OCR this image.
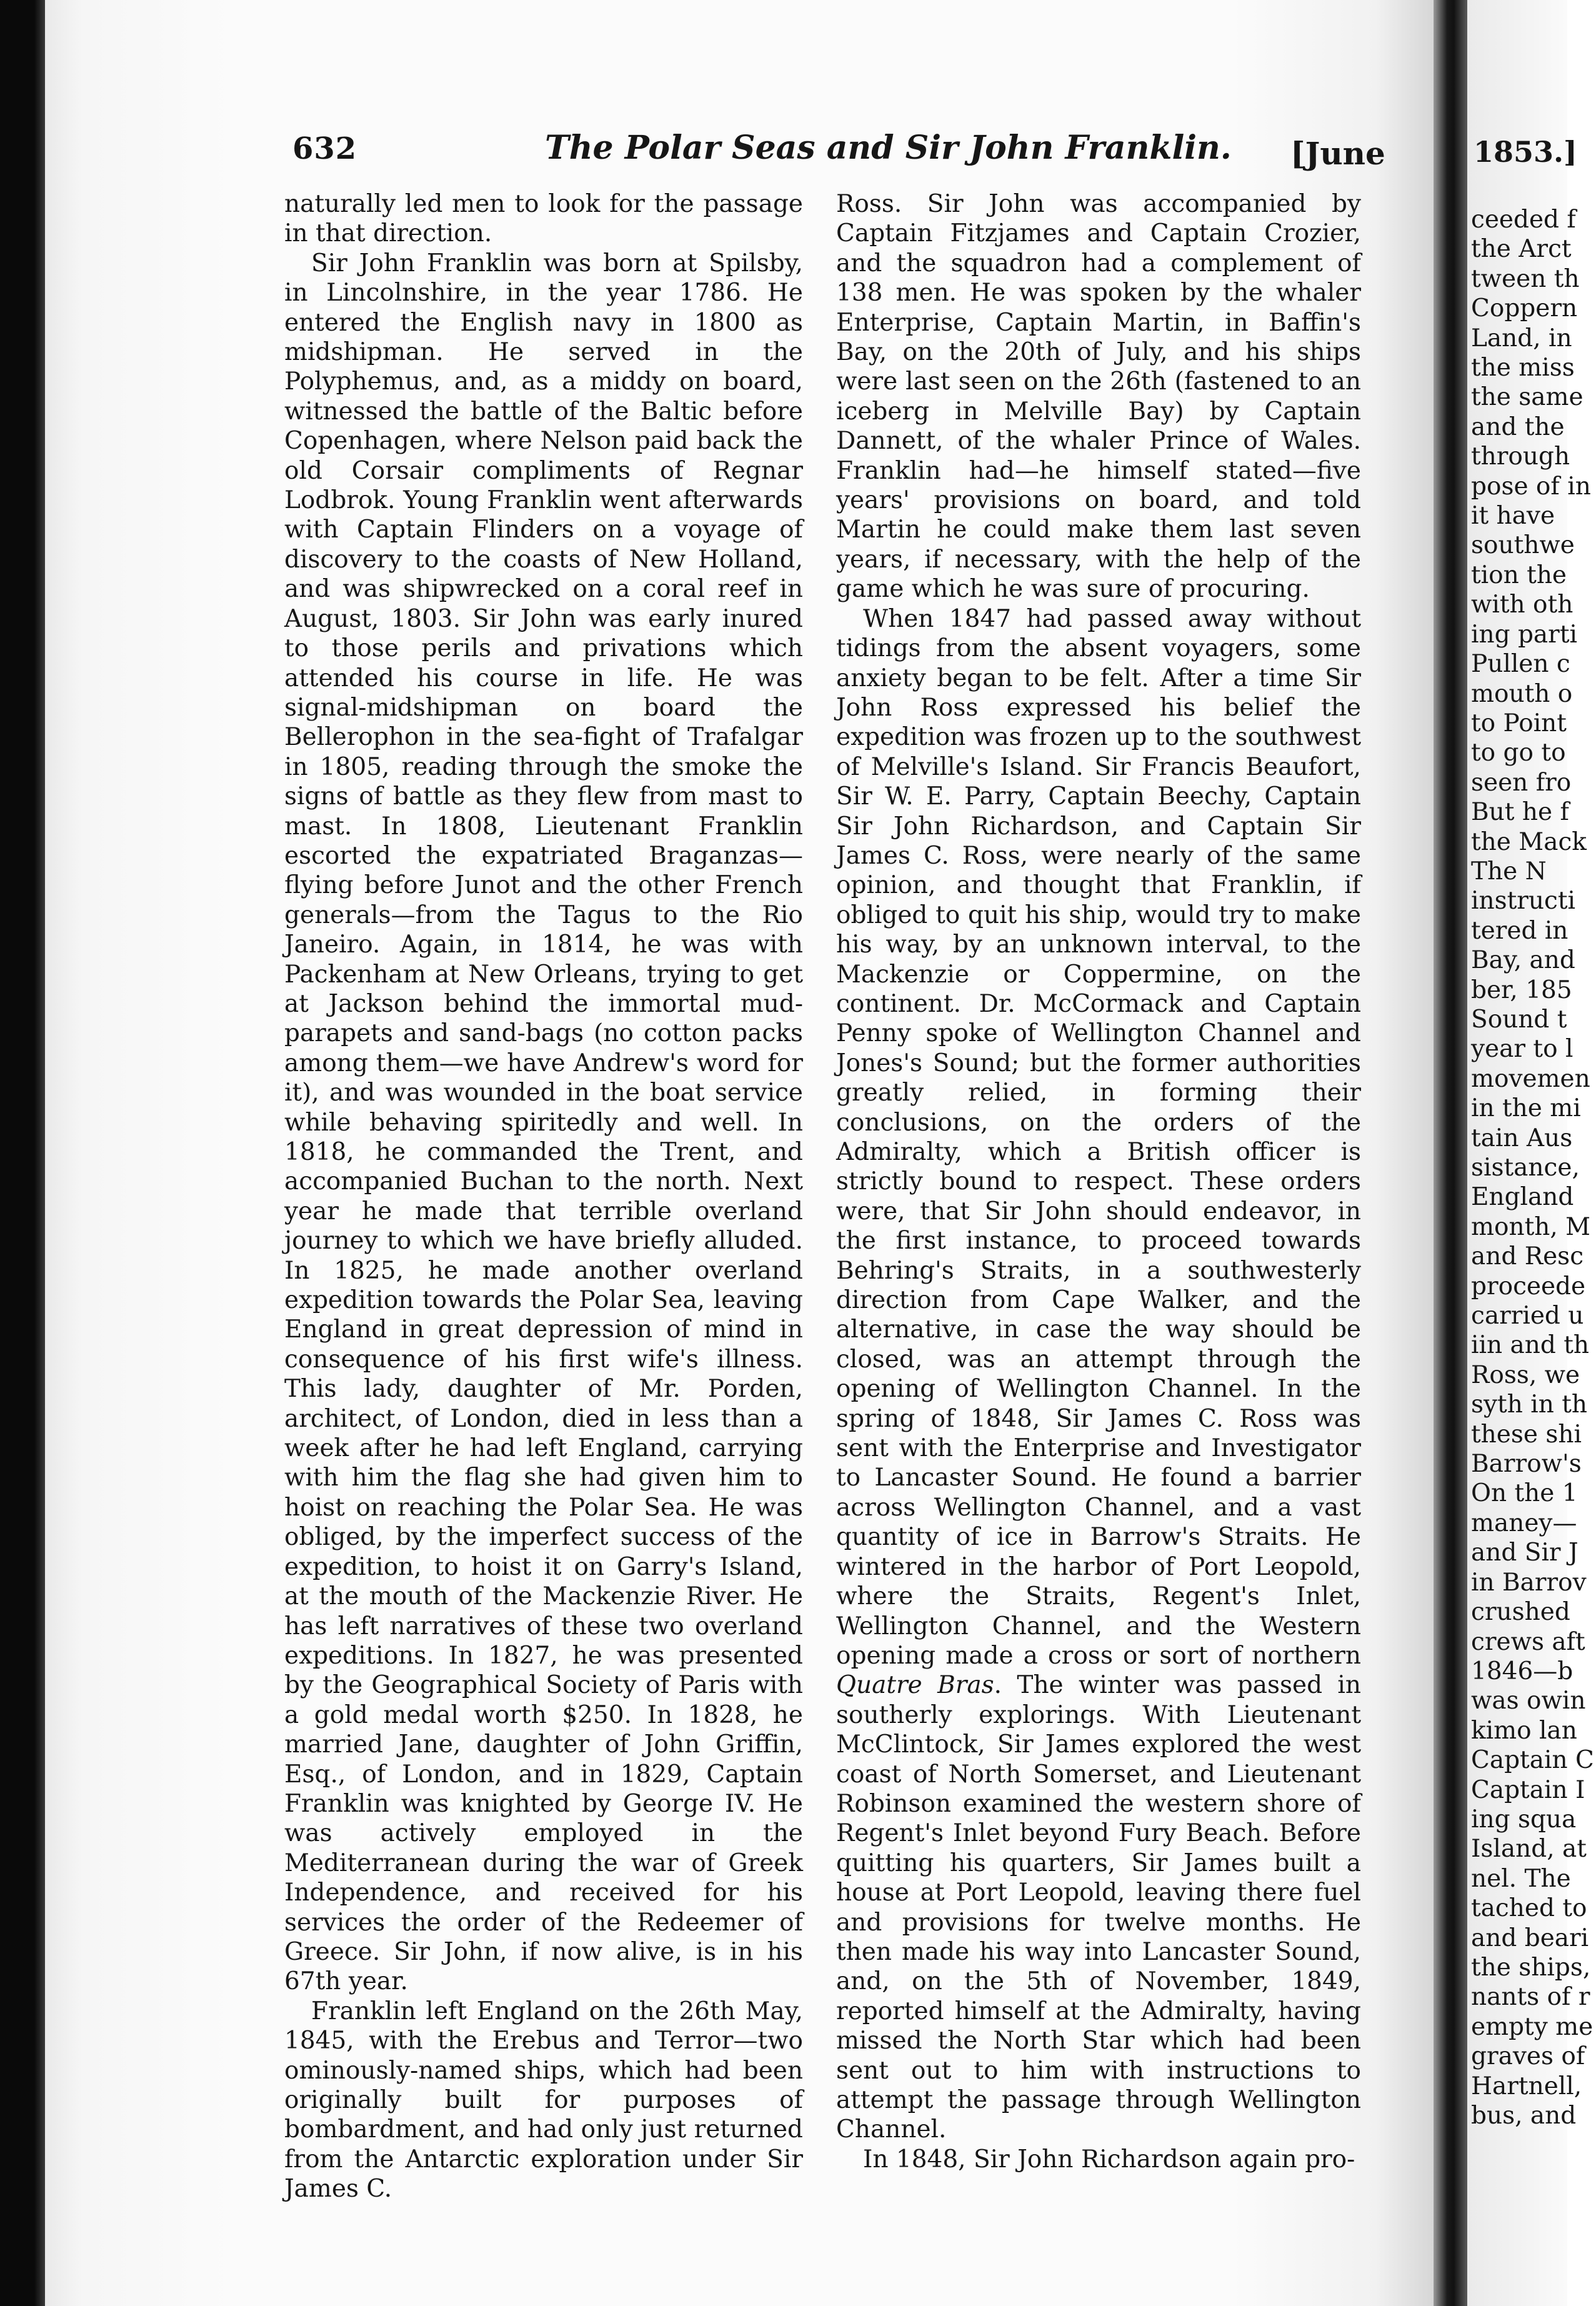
632	The Polar Seas and Sir John Franklin. [June

naturally led men to look for the passage in that direction.

Sir John Franklin was born at Spilsby, in Lincolnshire, in the year 1786. He entered the English navy in 1800 as midshipman. He served in the Polyphemus, and, as a middy on board, witnessed the battle of the Baltic before Copenhagen, where Nelson paid back the old Corsair compliments of Regnar Lodbrok. Young Franklin went afterwards with Captain Flinders on a voyage of discovery to the coasts of New Holland, and was shipwrecked on a coral reef in August, 1803. Sir John was early inured to those perils and privations which attended his course in life. He was signal-midshipman on board the Bellerophon in the sea-fight of Trafalgar in 1805, reading through the smoke the signs of battle as they flew from mast to mast. In 1808, Lieutenant Franklin escorted the expatriated Braganzas—flying before Junot and the other French generals—from the Tagus to the Rio Janeiro. Again, in 1814, he was with Packenham at New Orleans, trying to get at Jackson behind the immortal mud-parapets and sand-bags (no cotton packs among them—we have Andrew's word for it), and was wounded in the boat service while behaving spiritedly and well. In 1818, he commanded the Trent, and accompanied Buchan to the north. Next year he made that terrible overland journey to which we have briefly alluded. In 1825, he made another overland expedition towards the Polar Sea, leaving England in great depression of mind in consequence of his first wife's illness. This lady, daughter of Mr. Porden, architect, of London, died in less than a week after he had left England, carrying with him the flag she had given him to hoist on reaching the Polar Sea. He was obliged, by the imperfect success of the expedition, to hoist it on Garry's Island, at the mouth of the Mackenzie River. He has left narratives of these two overland expeditions. In 1827, he was presented by the Geographical Society of Paris with a gold medal worth $250. In 1828, he married Jane, daughter of John Griffin, Esq., of London, and in 1829, Captain Franklin was knighted by George IV. He was actively employed in the Mediterranean during the war of Greek Independence, and received for his services the order of the Redeemer of Greece. Sir John, if now alive, is in his 67th year.

Franklin left England on the 26th May, 1845, with the Erebus and Terror—two ominously-named ships, which had been originally built for purposes of bombardment, and had only just returned from the Antarctic exploration under Sir James C.

Ross. Sir John was accompanied by Captain Fitzjames and Captain Crozier, and the squadron had a complement of 138 men. He was spoken by the whaler Enterprise, Captain Martin, in Baffin's Bay, on the 20th of July, and his ships were last seen on the 26th (fastened to an iceberg in Melville Bay) by Captain Dannett, of the whaler Prince of Wales. Franklin had—he himself stated—five years' provisions on board, and told Martin he could make them last seven years, if necessary, with the help of the game which he was sure of procuring.

When 1847 had passed away without tidings from the absent voyagers, some anxiety began to be felt. After a time Sir John Ross expressed his belief the expedition was frozen up to the southwest of Melville's Island. Sir Francis Beaufort, Sir W. E. Parry, Captain Beechy, Captain Sir John Richardson, and Captain Sir James C. Ross, were nearly of the same opinion, and thought that Franklin, if obliged to quit his ship, would try to make his way, by an unknown interval, to the Mackenzie or Coppermine, on the continent. Dr. McCormack and Captain Penny spoke of Wellington Channel and Jones's Sound; but the former authorities greatly relied, in forming their conclusions, on the orders of the Admiralty, which a British officer is strictly bound to respect. These orders were, that Sir John should endeavor, in the first instance, to proceed towards Behring's Straits, in a southwesterly direction from Cape Walker, and the alternative, in case the way should be closed, was an attempt through the opening of Wellington Channel. In the spring of 1848, Sir James C. Ross was sent with the Enterprise and Investigator to Lancaster Sound. He found a barrier across Wellington Channel, and a vast quantity of ice in Barrow's Straits. He wintered in the harbor of Port Leopold, where the Straits, Regent's Inlet, Wellington Channel, and the Western opening made a cross or sort of northern Quatre Bras. The winter was passed in southerly explorings. With Lieutenant McClintock, Sir James explored the west coast of North Somerset, and Lieutenant Robinson examined the western shore of Regent's Inlet beyond Fury Beach. Before quitting his quarters, Sir James built a house at Port Leopold, leaving there fuel and provisions for twelve months. He then made his way into Lancaster Sound, and, on the 5th of November, 1849, reported himself at the Admiralty, having missed the North Star which had been sent out to him with instructions to attempt the passage through Wellington Channel.

In 1848, Sir John Richardson again pro-

1853.]
ceeded f
the Arct
tween th
Coppern
Land, in
the miss
the same
and the
through
pose of in
it have
southwe
tion the
with oth
ing parti
Pullen c
mouth o
to Point
to go to
seen fro
But he f
the Mack
The N
instructi
tered in
Bay, and
ber, 185
Sound t
year to l
movemen
in the mi
tain Aus
sistance,
England
month, M
and Resc
proceede
carried u
iin and th
Ross, we
syth in th
these shi
Barrow's
On the 1
maney—
and Sir J
in Barrov
crushed
crews aft
1846—b
was owin
kimo lan
Captain C
Captain I
ing squa
Island, at
nel. The
tached to
and beari
the ships,
nants of r
empty me
graves of
Hartnell,
bus, and
